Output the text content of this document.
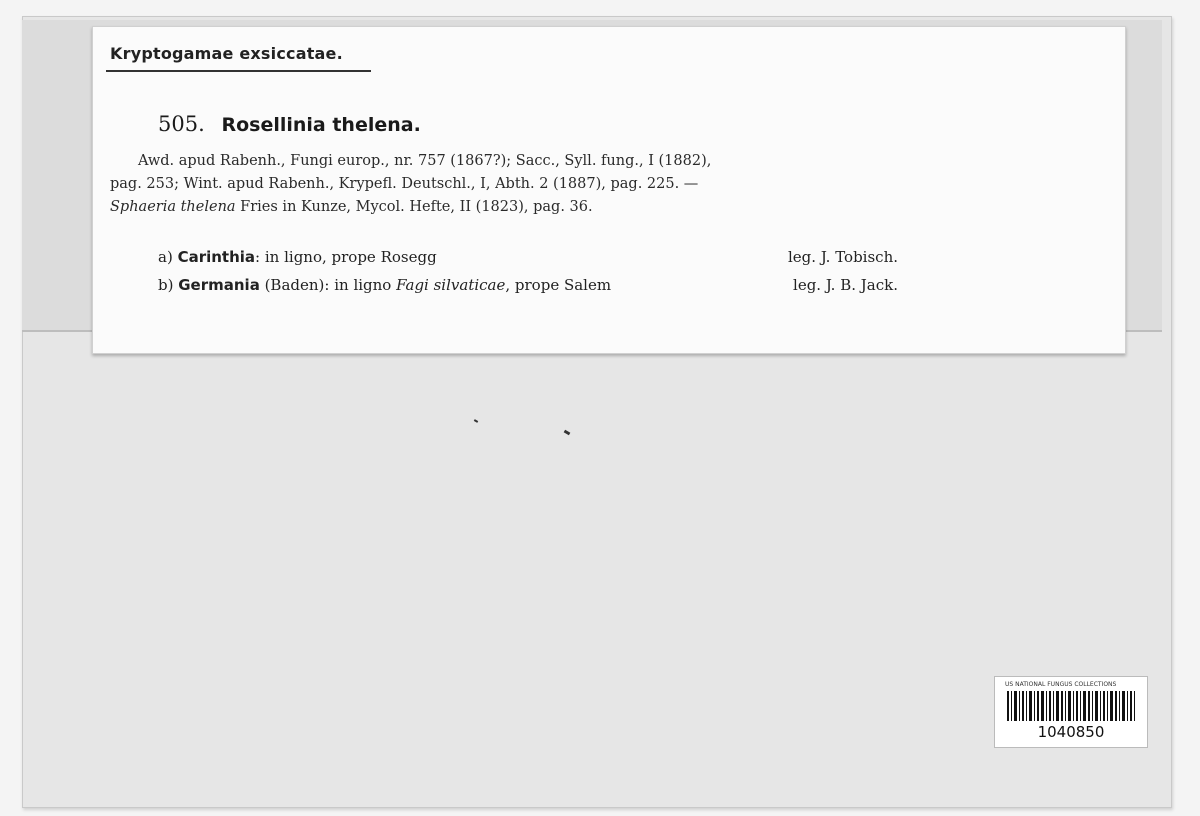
Kryptogamae exsiccatae.
505. Rosellinia thelena.
Awd. apud Rabenh., Fungi europ., nr. 757 (1867?); Sacc., Syll. fung., I (1882),
pag. 253; Wint. apud Rabenh., Krypefl. Deutschl., I, Abth. 2 (1887), pag. 225. —
Sphaeria thelena Fries in Kunze, Mycol. Hefte, II (1823), pag. 36.
a) Carinthia: in ligno, prope Rosegg	leg. J. Tobisch.
b) Germania (Baden): in ligno Fagi silvaticae, prope Salem	leg. J. B. Jack.
US NATIONAL FUNGUS COLLECTIONS
1040850
